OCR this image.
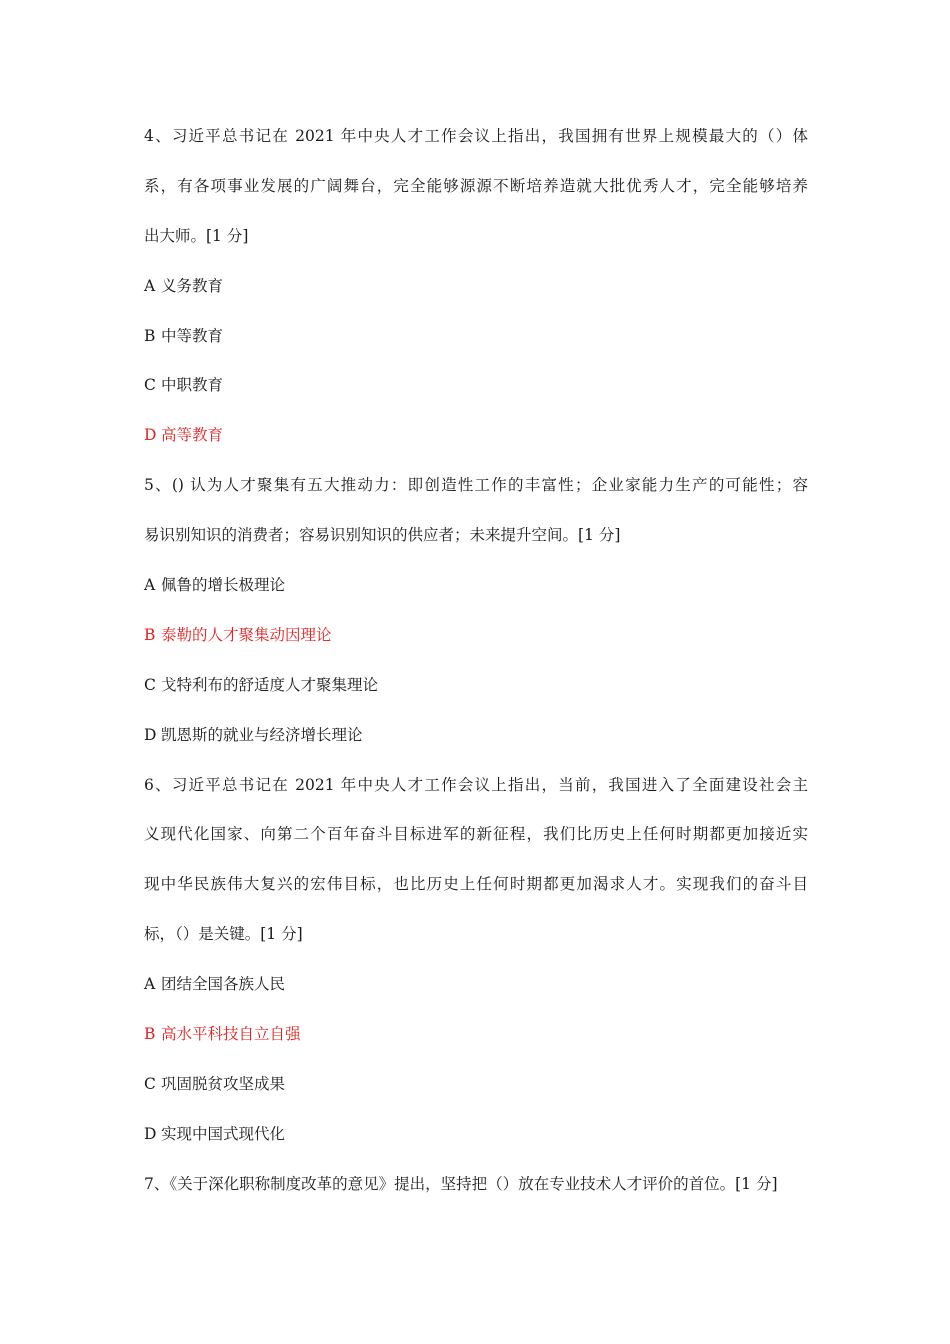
4、习近平总书记在 2021 年中央人才工作会议上指出，我国拥有世界上规模最大的（）体
系，有各项事业发展的广阔舞台，完全能够源源不断培养造就大批优秀人才，完全能够培养
出大师。[1 分]
A 义务教育
B 中等教育
C 中职教育
D 高等教育
5、() 认为人才聚集有五大推动力：即创造性工作的丰富性；企业家能力生产的可能性；容
易识别知识的消费者；容易识别知识的供应者；未来提升空间。[1 分]
A 佩鲁的增长极理论
B 泰勒的人才聚集动因理论
C 戈特利布的舒适度人才聚集理论
D 凯恩斯的就业与经济增长理论
6、习近平总书记在 2021 年中央人才工作会议上指出，当前，我国进入了全面建设社会主
义现代化国家、向第二个百年奋斗目标进军的新征程，我们比历史上任何时期都更加接近实
现中华民族伟大复兴的宏伟目标，也比历史上任何时期都更加渴求人才。实现我们的奋斗目
标，（）是关键。[1 分]
A 团结全国各族人民
B 高水平科技自立自强
C 巩固脱贫攻坚成果
D 实现中国式现代化
7、《关于深化职称制度改革的意见》提出，坚持把（）放在专业技术人才评价的首位。[1 分]
